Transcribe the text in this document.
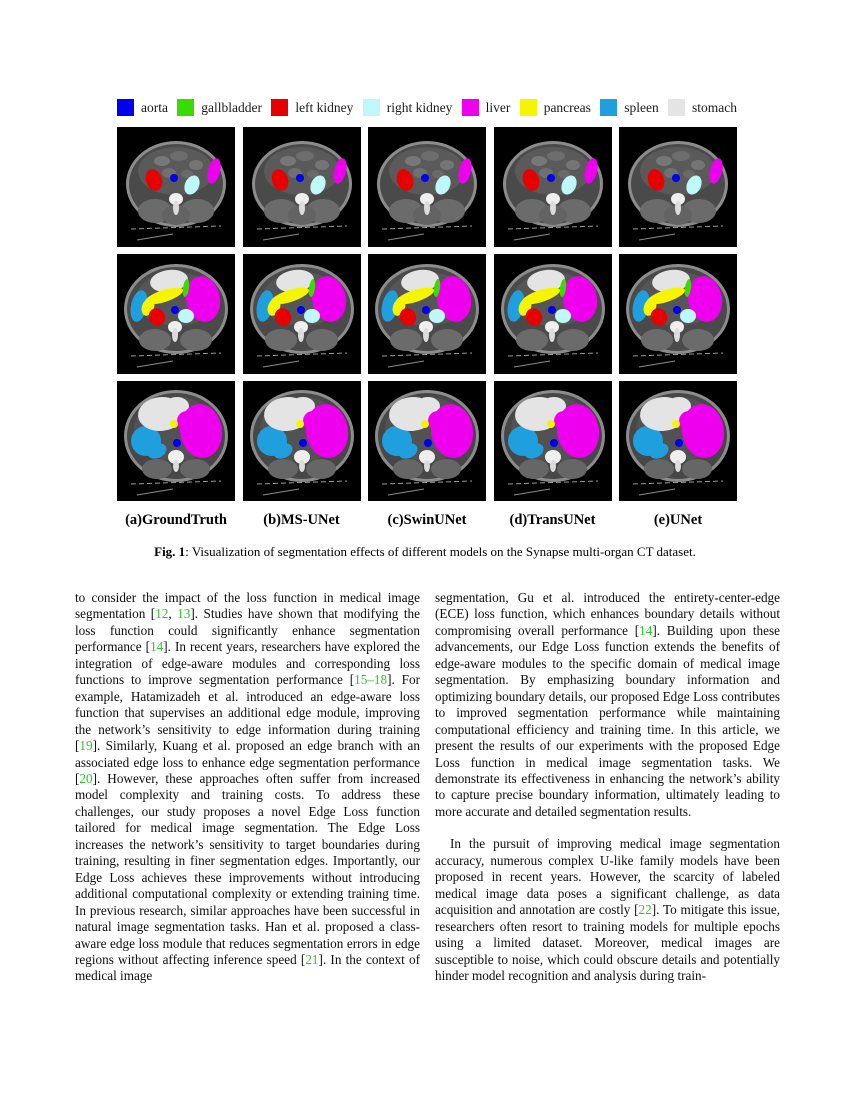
aorta gallbladder left kidney right kidney liver pancreas spleen stomach
(a)GroundTruth	(b)MS-UNet	(c)SwinUNet	(d)TransUNet	(e)UNet
Fig. 1: Visualization of segmentation effects of different models on the Synapse multi-organ CT dataset.

to consider the impact of the loss function in medical image segmentation [12, 13]. Studies have shown that modifying the loss function could significantly enhance segmentation performance [14]. In recent years, researchers have explored the integration of edge-aware modules and corresponding loss functions to improve segmentation performance [15–18]. For example, Hatamizadeh et al. introduced an edge-aware loss function that supervises an additional edge module, improving the network’s sensitivity to edge information during training [19]. Similarly, Kuang et al. proposed an edge branch with an associated edge loss to enhance edge segmentation performance [20]. However, these approaches often suffer from increased model complexity and training costs. To address these challenges, our study proposes a novel Edge Loss function tailored for medical image segmentation. The Edge Loss increases the network’s sensitivity to target boundaries during training, resulting in finer segmentation edges. Importantly, our Edge Loss achieves these improvements without introducing additional computational complexity or extending training time. In previous research, similar approaches have been successful in natural image segmentation tasks. Han et al. proposed a class-aware edge loss module that reduces segmentation errors in edge regions without affecting inference speed [21]. In the context of medical image

segmentation, Gu et al. introduced the entirety-center-edge (ECE) loss function, which enhances boundary details without compromising overall performance [14]. Building upon these advancements, our Edge Loss function extends the benefits of edge-aware modules to the specific domain of medical image segmentation. By emphasizing boundary information and optimizing boundary details, our proposed Edge Loss contributes to improved segmentation performance while maintaining computational efficiency and training time. In this article, we present the results of our experiments with the proposed Edge Loss function in medical image segmentation tasks. We demonstrate its effectiveness in enhancing the network’s ability to capture precise boundary information, ultimately leading to more accurate and detailed segmentation results.

In the pursuit of improving medical image segmentation accuracy, numerous complex U-like family models have been proposed in recent years. However, the scarcity of labeled medical image data poses a significant challenge, as data acquisition and annotation are costly [22]. To mitigate this issue, researchers often resort to training models for multiple epochs using a limited dataset. Moreover, medical images are susceptible to noise, which could obscure details and potentially hinder model recognition and analysis during train-
